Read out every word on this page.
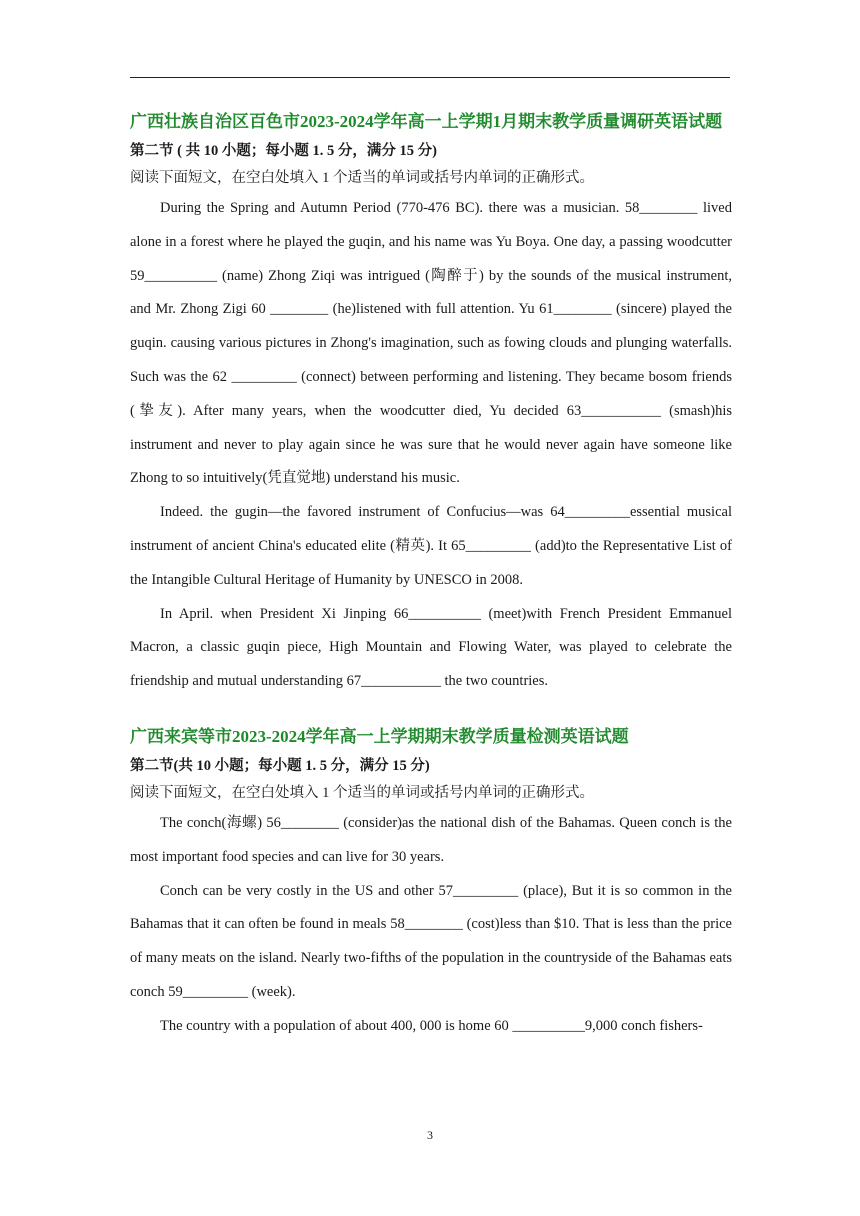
广西壮族自治区百色市2023-2024学年高一上学期1月期末教学质量调研英语试题

第二节 ( 共 10 小题；每小题 1. 5 分，满分 15 分)

阅读下面短文，在空白处填入 1 个适当的单词或括号内单词的正确形式。

During the Spring and Autumn Period (770-476 BC). there was a musician. 58________ lived alone in a forest where he played the guqin, and his name was Yu Boya. One day, a passing woodcutter 59__________ (name) Zhong Ziqi was intrigued (陶醉于) by the sounds of the musical instrument, and Mr. Zhong Zigi 60 ________ (he)listened with full attention. Yu 61________ (sincere) played the guqin. causing various pictures in Zhong's imagination, such as fowing clouds and plunging waterfalls. Such was the 62 _________ (connect) between performing and listening. They became bosom friends (挚友). After many years, when the woodcutter died, Yu decided 63___________ (smash)his instrument and never to play again since he was sure that he would never again have someone like Zhong to so intuitively(凭直觉地) understand his music.

Indeed. the gugin—the favored instrument of Confucius—was 64_________essential musical instrument of ancient China's educated elite (精英). It 65_________ (add)to the Representative List of the Intangible Cultural Heritage of Humanity by UNESCO in 2008.

In April. when President Xi Jinping 66__________ (meet)with French President Emmanuel Macron, a classic guqin piece, High Mountain and Flowing Water, was played to celebrate the friendship and mutual understanding 67___________ the two countries.

广西来宾等市2023-2024学年高一上学期期末教学质量检测英语试题

第二节(共 10 小题；每小题 1. 5 分，满分 15 分)

阅读下面短文，在空白处填入 1 个适当的单词或括号内单词的正确形式。

The conch(海螺) 56________ (consider)as the national dish of the Bahamas. Queen conch is the most important food species and can live for 30 years.

Conch can be very costly in the US and other 57_________ (place), But it is so common in the Bahamas that it can often be found in meals 58________ (cost)less than $10. That is less than the price of many meats on the island. Nearly two-fifths of the population in the countryside of the Bahamas eats conch 59_________ (week).

The country with a population of about 400, 000 is home 60 __________9,000 conch fishers-

3
